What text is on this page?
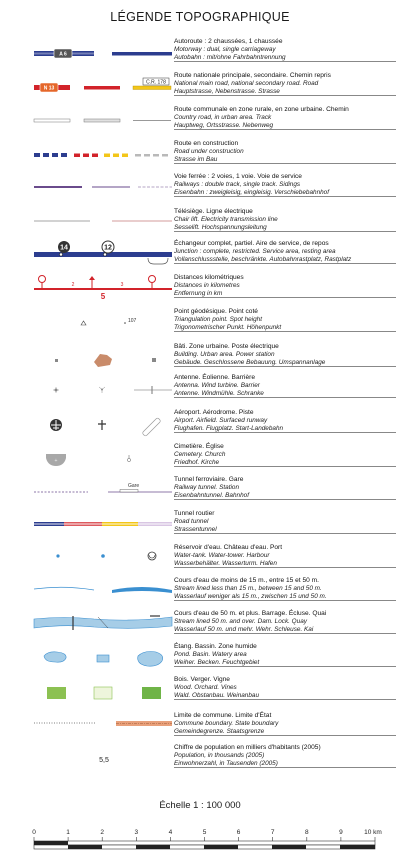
LÉGENDE TOPOGRAPHIQUE
Autoroute : 2 chaussées, 1 chaussée
Motorway : dual, single carriageway
Autobahn : mit/ohne Fahrbahntrennung
Route nationale principale, secondaire. Chemin repris
National main road, national secondary road. Road
Hauptstrasse, Nebenstrasse. Strasse
Route communale en zone rurale, en zone urbaine. Chemin
Country road, in urban area. Track
Hauptweg, Ortsstrasse. Nebenweg
Route en construction
Road under construction
Strasse im Bau
Voie ferrée : 2 voies, 1 voie. Voie de service
Railways : double track, single track. Sidings
Eisenbahn : zweigleisig, eingleisig. Verschiebebahnhof
Télésiège. Ligne électrique
Chair lift. Electricity transmission line
Sesselift. Hochspannungsleitung
Échangeur complet, partiel. Aire de service, de repos
Junction : complete, restricted. Service area, resting area
Vollanschlussstelle, beschränkte. Autobahnrastplatz, Rastplatz
Distances kilométriques
Distances in kilometres
Entfernung in km
Point géodésique. Point coté
Triangulation point. Spot height
Trigonometrischer Punkt. Höhenpunkt
Bâti. Zone urbaine. Poste électrique
Building. Urban area. Power station
Gebäude. Geschlossene Bebauung. Umspannanlage
Antenne. Éolienne. Barrière
Antenna. Wind turbine. Barrier
Antenne. Windmühle. Schranke
Aéroport. Aérodrome. Piste
Airport. Airfield. Surfaced runway
Flughafen. Flugplatz. Start-Landebahn
Cimetière. Église
Cemetery. Church
Friedhof. Kirche
Tunnel ferroviaire. Gare
Railway tunnel. Station
Eisenbahntunnel. Bahnhof
Tunnel routier
Road tunnel
Strassentunnel
Réservoir d'eau. Château d'eau. Port
Water-tank. Water-tower. Harbour
Wasserbehälter. Wasserturm. Hafen
Cours d'eau de moins de 15 m., entre 15 et 50 m.
Stream lined less than 15 m., between 15 and 50 m.
Wasserlauf weniger als 15 m., zwischen 15 und 50 m.
Cours d'eau de 50 m. et plus. Barrage. Écluse. Quai
Stream lined 50 m. and over. Dam. Lock. Quay
Wasserlauf 50 m. und mehr. Wehr. Schleuse. Kai
Étang. Bassin. Zone humide
Pond. Basin. Watery area
Weiher. Becken. Feuchtgebiet
Bois. Verger. Vigne
Wood. Orchard. Vines
Wald. Obstanbau. Weinanbau
Limite de commune. Limite d'État
Commune boundary. State boundary
Gemeindegrenze. Staatsgrenze
Chiffre de population en milliers d'habitants (2005)
Population, in thousands (2005)
Einwohnerzahl, in Tausenden (2005)
A 6
N 13
C.R. 178
14	12
2	3
5
107
+
Gare
5,5
Échelle 1 : 100 000
0	1	2	3	4	5	6	7	8	9	10 km
